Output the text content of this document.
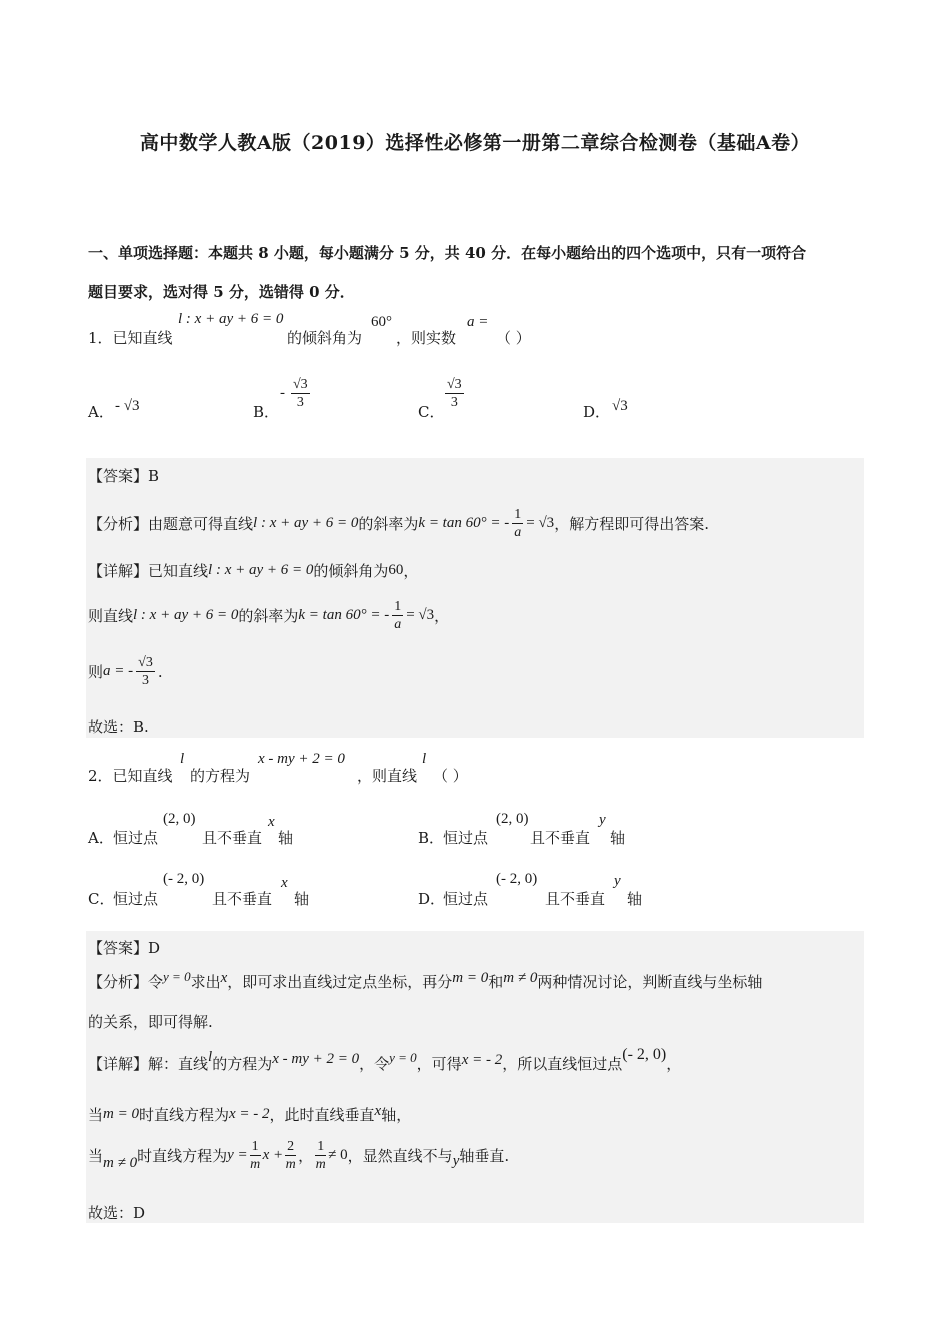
高中数学人教A版（2019）选择性必修第一册第二章综合检测卷（基础A卷）
一、单项选择题：本题共 8 小题，每小题满分 5 分，共 40 分．在每小题给出的四个选项中，只有一项符合
题目要求，选对得 5 分，选错得 0 分．
1．已知直线
l : x + ay + 6 = 0
的倾斜角为
60°
，则实数
a =
（ ）
A． - √3	B．
- $\frac{√3}{3}$
C．
$\frac{√3}{3}$
D． √3
【答案】B
【分析】 由题意可得直线 l : x + ay + 6 = 0 的斜率为 k = tan 60° = - $\frac{1}{a} = √3$ ，解方程即可得出答案.
【详解】 已知直线 l : x + ay + 6 = 0 的倾斜角为 60 ，
则直线 l : x + ay + 6 = 0 的斜率为 k = tan 60° = - $\frac{1}{a} = √3$ ，
则 a = - $\frac{√3}{3}$ .
故选：B.
2．已知直线
l
的方程为
x - my + 2 = 0
，则直线
l
（ ）
A． 恒过点
(2, 0)
且不垂直
x
轴	B．
恒过点
(2, 0)
且不垂直
y
轴
C．
恒过点
(- 2, 0)
且不垂直
x
轴	D．
恒过点
(- 2, 0)
且不垂直
y
轴
【答案】D
【分析】 令 y = 0 求出 x ，即可求出直线过定点坐标，再分 m = 0 和 m ≠ 0 两种情况讨论，判断直线与坐标轴
的关系，即可得解.
【详解】 解：直线 l 的方程为 x - my + 2 = 0 ，令 y = 0 ，可得 x = - 2 ，所以直线恒过点
(- 2, 0)
，
当 m = 0 时直线方程为 x = - 2 ，此时直线垂直 x 轴，
当 m ≠ 0 时直线方程为 $y = \frac{1}{m}$ $x + \frac{2}{m}$ ， $\frac{1}{m} \ne 0$ ，显然直线不与 y 轴垂直.
故选：D
